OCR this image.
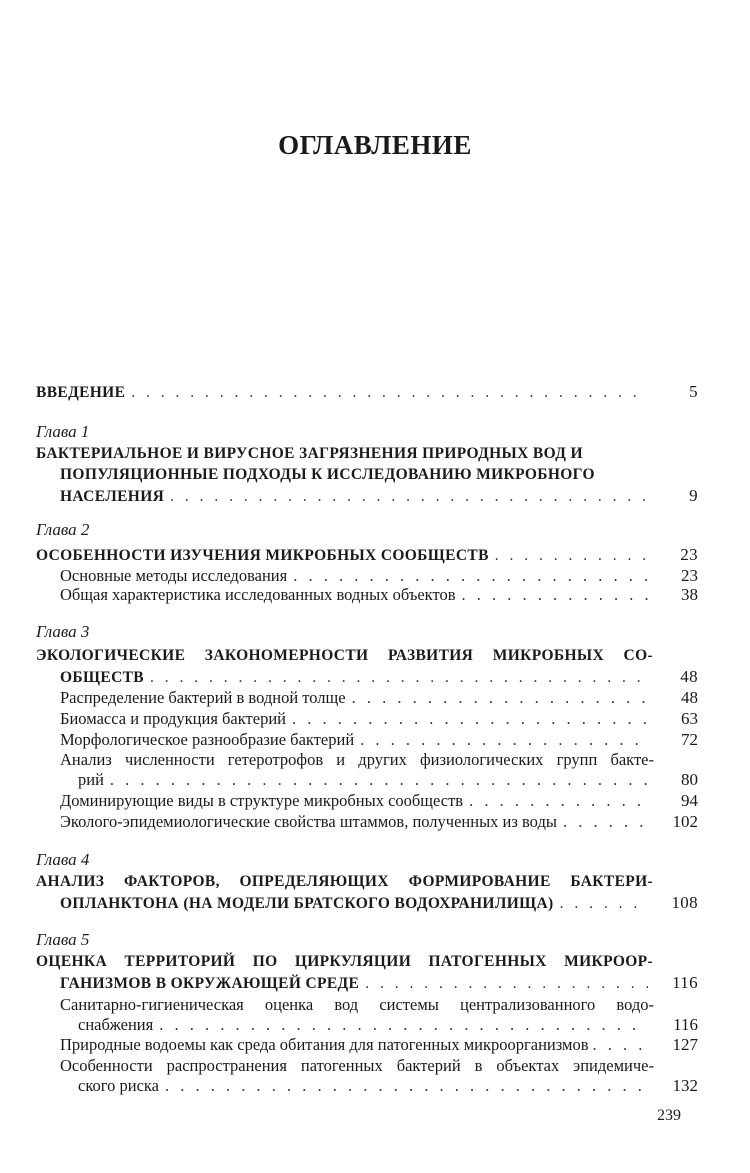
ОГЛАВЛЕНИЕ
ВВЕДЕНИЕ . . .	5
Глава 1
БАКТЕРИАЛЬНОЕ И ВИРУСНОЕ ЗАГРЯЗНЕНИЯ ПРИРОДНЫХ ВОД И
ПОПУЛЯЦИОННЫЕ ПОДХОДЫ К ИССЛЕДОВАНИЮ МИКРОБНОГО
НАСЕЛЕНИЯ . . .	9
Глава 2
ОСОБЕННОСТИ ИЗУЧЕНИЯ МИКРОБНЫХ СООБЩЕСТВ . . .	23
Основные методы исследования . . .	23
Общая характеристика исследованных водных объектов . . .	38
Глава 3
ЭКОЛОГИЧЕСКИЕ ЗАКОНОМЕРНОСТИ РАЗВИТИЯ МИКРОБНЫХ СО-
ОБЩЕСТВ . . .	48
Распределение бактерий в водной толще . . .	48
Биомасса и продукция бактерий . . .	63
Морфологическое разнообразие бактерий . . .	72
Анализ численности гетеротрофов и других физиологических групп бакте-
рий . . .	80
Доминирующие виды в структуре микробных сообществ . . .	94
Эколого-эпидемиологические свойства штаммов, полученных из воды . . .	102
Глава 4
АНАЛИЗ ФАКТОРОВ, ОПРЕДЕЛЯЮЩИХ ФОРМИРОВАНИЕ БАКТЕРИ-
ОПЛАНКТОНА (НА МОДЕЛИ БРАТСКОГО ВОДОХРАНИЛИЩА) . . .	108
Глава 5
ОЦЕНКА ТЕРРИТОРИЙ ПО ЦИРКУЛЯЦИИ ПАТОГЕННЫХ МИКРООР-
ГАНИЗМОВ В ОКРУЖАЮЩЕЙ СРЕДЕ . . .	116
Санитарно-гигиеническая оценка вод системы централизованного водо-
снабжения . . .	116
Природные водоемы как среда обитания для патогенных микроорганизмов . . .	127
Особенности распространения патогенных бактерий в объектах эпидемиче-
ского риска . . .	132
239
